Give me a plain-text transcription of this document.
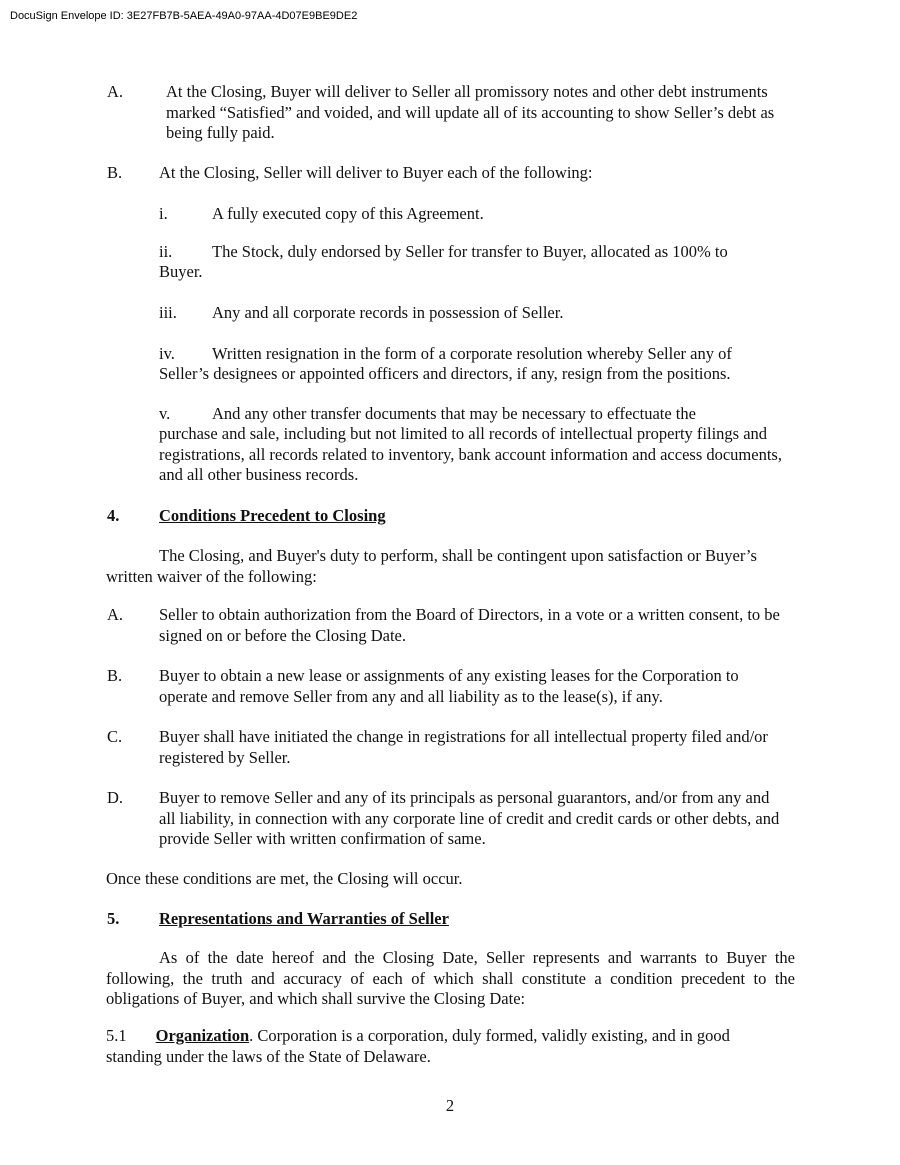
DocuSign Envelope ID: 3E27FB7B-5AEA-49A0-97AA-4D07E9BE9DE2
A.	At the Closing, Buyer will deliver to Seller all promissory notes and other debt instruments marked “Satisfied” and voided, and will update all of its accounting to show Seller’s debt as being fully paid.
B. At the Closing, Seller will deliver to Buyer each of the following:
i.	A fully executed copy of this Agreement.
ii. The Stock, duly endorsed by Seller for transfer to Buyer, allocated as 100% to
Buyer.
iii. Any and all corporate records in possession of Seller.
iv. Written resignation in the form of a corporate resolution whereby Seller any of
Seller’s designees or appointed officers and directors, if any, resign from the positions.
v.	And any other transfer documents that may be necessary to effectuate the
purchase and sale, including but not limited to all records of intellectual property filings and registrations, all records related to inventory, bank account information and access documents, and all other business records.
4. Conditions Precedent to Closing
The Closing, and Buyer's duty to perform, shall be contingent upon satisfaction or Buyer’s written waiver of the following:
A. Seller to obtain authorization from the Board of Directors, in a vote or a written consent, to be signed on or before the Closing Date.
B. Buyer to obtain a new lease or assignments of any existing leases for the Corporation to operate and remove Seller from any and all liability as to the lease(s), if any.
C. Buyer shall have initiated the change in registrations for all intellectual property filed and/or registered by Seller.
D. Buyer to remove Seller and any of its principals as personal guarantors, and/or from any and all liability, in connection with any corporate line of credit and credit cards or other debts, and provide Seller with written confirmation of same.
Once these conditions are met, the Closing will occur.
5. Representations and Warranties of Seller
As of the date hereof and the Closing Date, Seller represents and warrants to Buyer the following, the truth and accuracy of each of which shall constitute a condition precedent to the obligations of Buyer, and which shall survive the Closing Date:
5.1 Organization. Corporation is a corporation, duly formed, validly existing, and in good standing under the laws of the State of Delaware.
2
